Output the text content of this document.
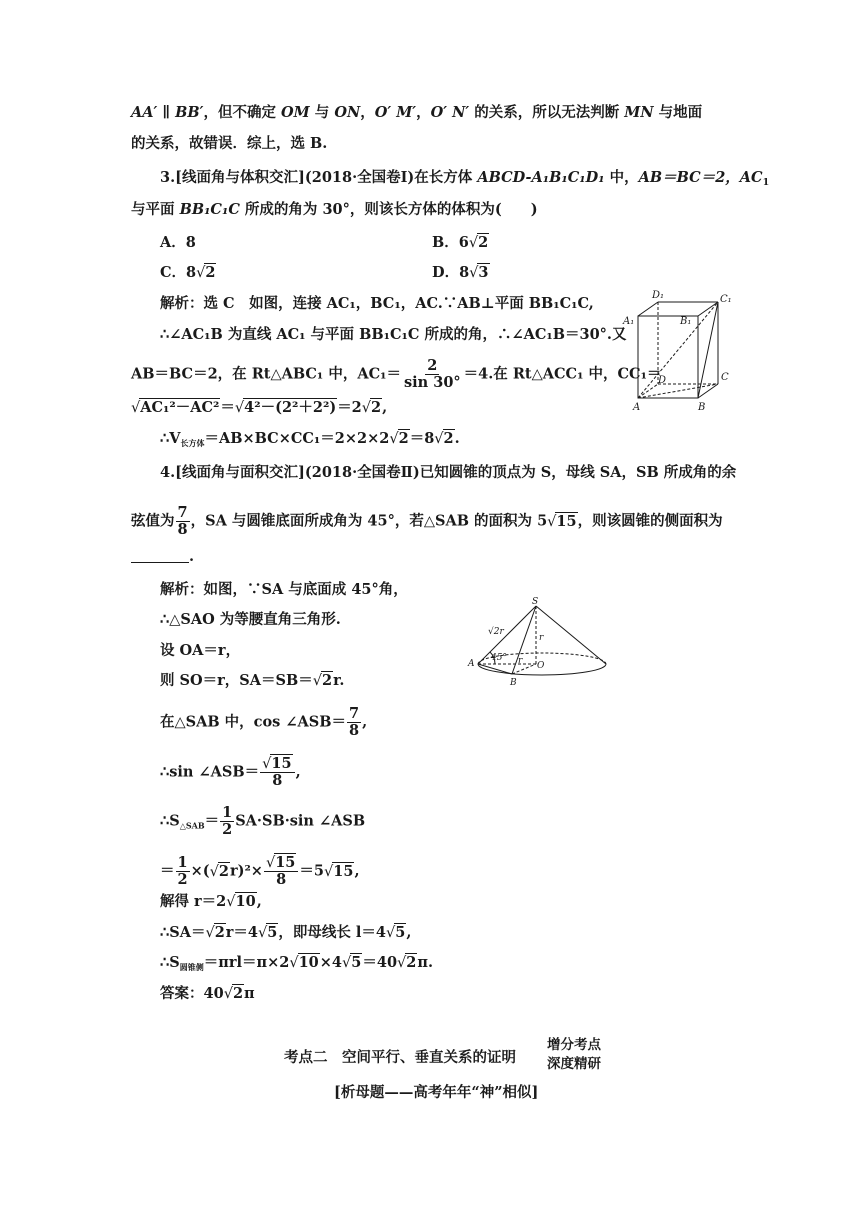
AA′ ∥ BB′，但不确定 OM 与 ON，O′ M′，O′ N′ 的关系，所以无法判断 MN 与地面
的关系，故错误．综上，选 B.
3.[线面角与体积交汇](2018·全国卷Ⅰ)在长方体 ABCD-A₁B₁C₁D₁ 中，AB＝BC＝2，$AC_1$
与平面 BB₁C₁C 所成的角为 30°，则该长方体的体积为(　　)
A．8	B．6√ 2
C．8√ 2	D．8√ 3
解析：选 C　如图，连接 AC₁，BC₁，AC.∵AB⊥平面 BB₁C₁C,
∴∠AC₁B 为直线 AC₁ 与平面 BB₁C₁C 所成的角，∴∠AC₁B＝30°.又
AB＝BC＝2，在 Rt△ABC₁ 中，$AC_1= \frac{2}{\sin 30^\circ} =4$.在 Rt△ACC₁ 中，CC₁＝
√ AC₁²－AC²＝√ 4²－(2²＋2²)＝2√ 2,
$\therefore V_{长方体}=AB\times BC\times CC_1=2\times 2\times 2√$ 2＝8√ 2.
D₁	C₁
A₁	B₁
D	C
A	B
4.[线面角与面积交汇](2018·全国卷Ⅱ)已知圆锥的顶点为 S，母线 SA，SB 所成角的余
弦值为 $\frac{7}{8}$ ，SA 与圆锥底面所成角为 45°，若△SAB 的面积为 5√ 15，则该圆锥的侧面积为
.
解析：如图，∵SA 与底面成 45°角，
∴△SAO 为等腰直角三角形.
设 OA＝r，
则 SO＝r，SA＝SB＝√ 2r.
在△SAB 中，cos ∠ASB＝ $\frac{7}{8}$ ,
∴sin ∠ASB＝
√ $\frac{15}{8}$ ,
$\therefore S_{\triangle SAB}= \frac{1}{2} SA\cdot SB\cdot\sin$ ∠ASB
＝ $\frac{1}{2}$ ×(√ 2r)²×
√ $\frac{15}{8} =5√$ 15,
解得 r＝2√ 10,
∴SA＝√ 2r＝4√ 5，即母线长 l＝4√ 5,
$\therefore S_{圆锥侧}=\pi rl=\pi\times 2√$ 10×4√ 5＝40√ 2π.
答案：40√ 2π
S
√2r
r
45°
A	r O
B
考点二　空间平行、垂直关系的证明
增分考点
深度精研
[析母题——高考年年“神”相似]
